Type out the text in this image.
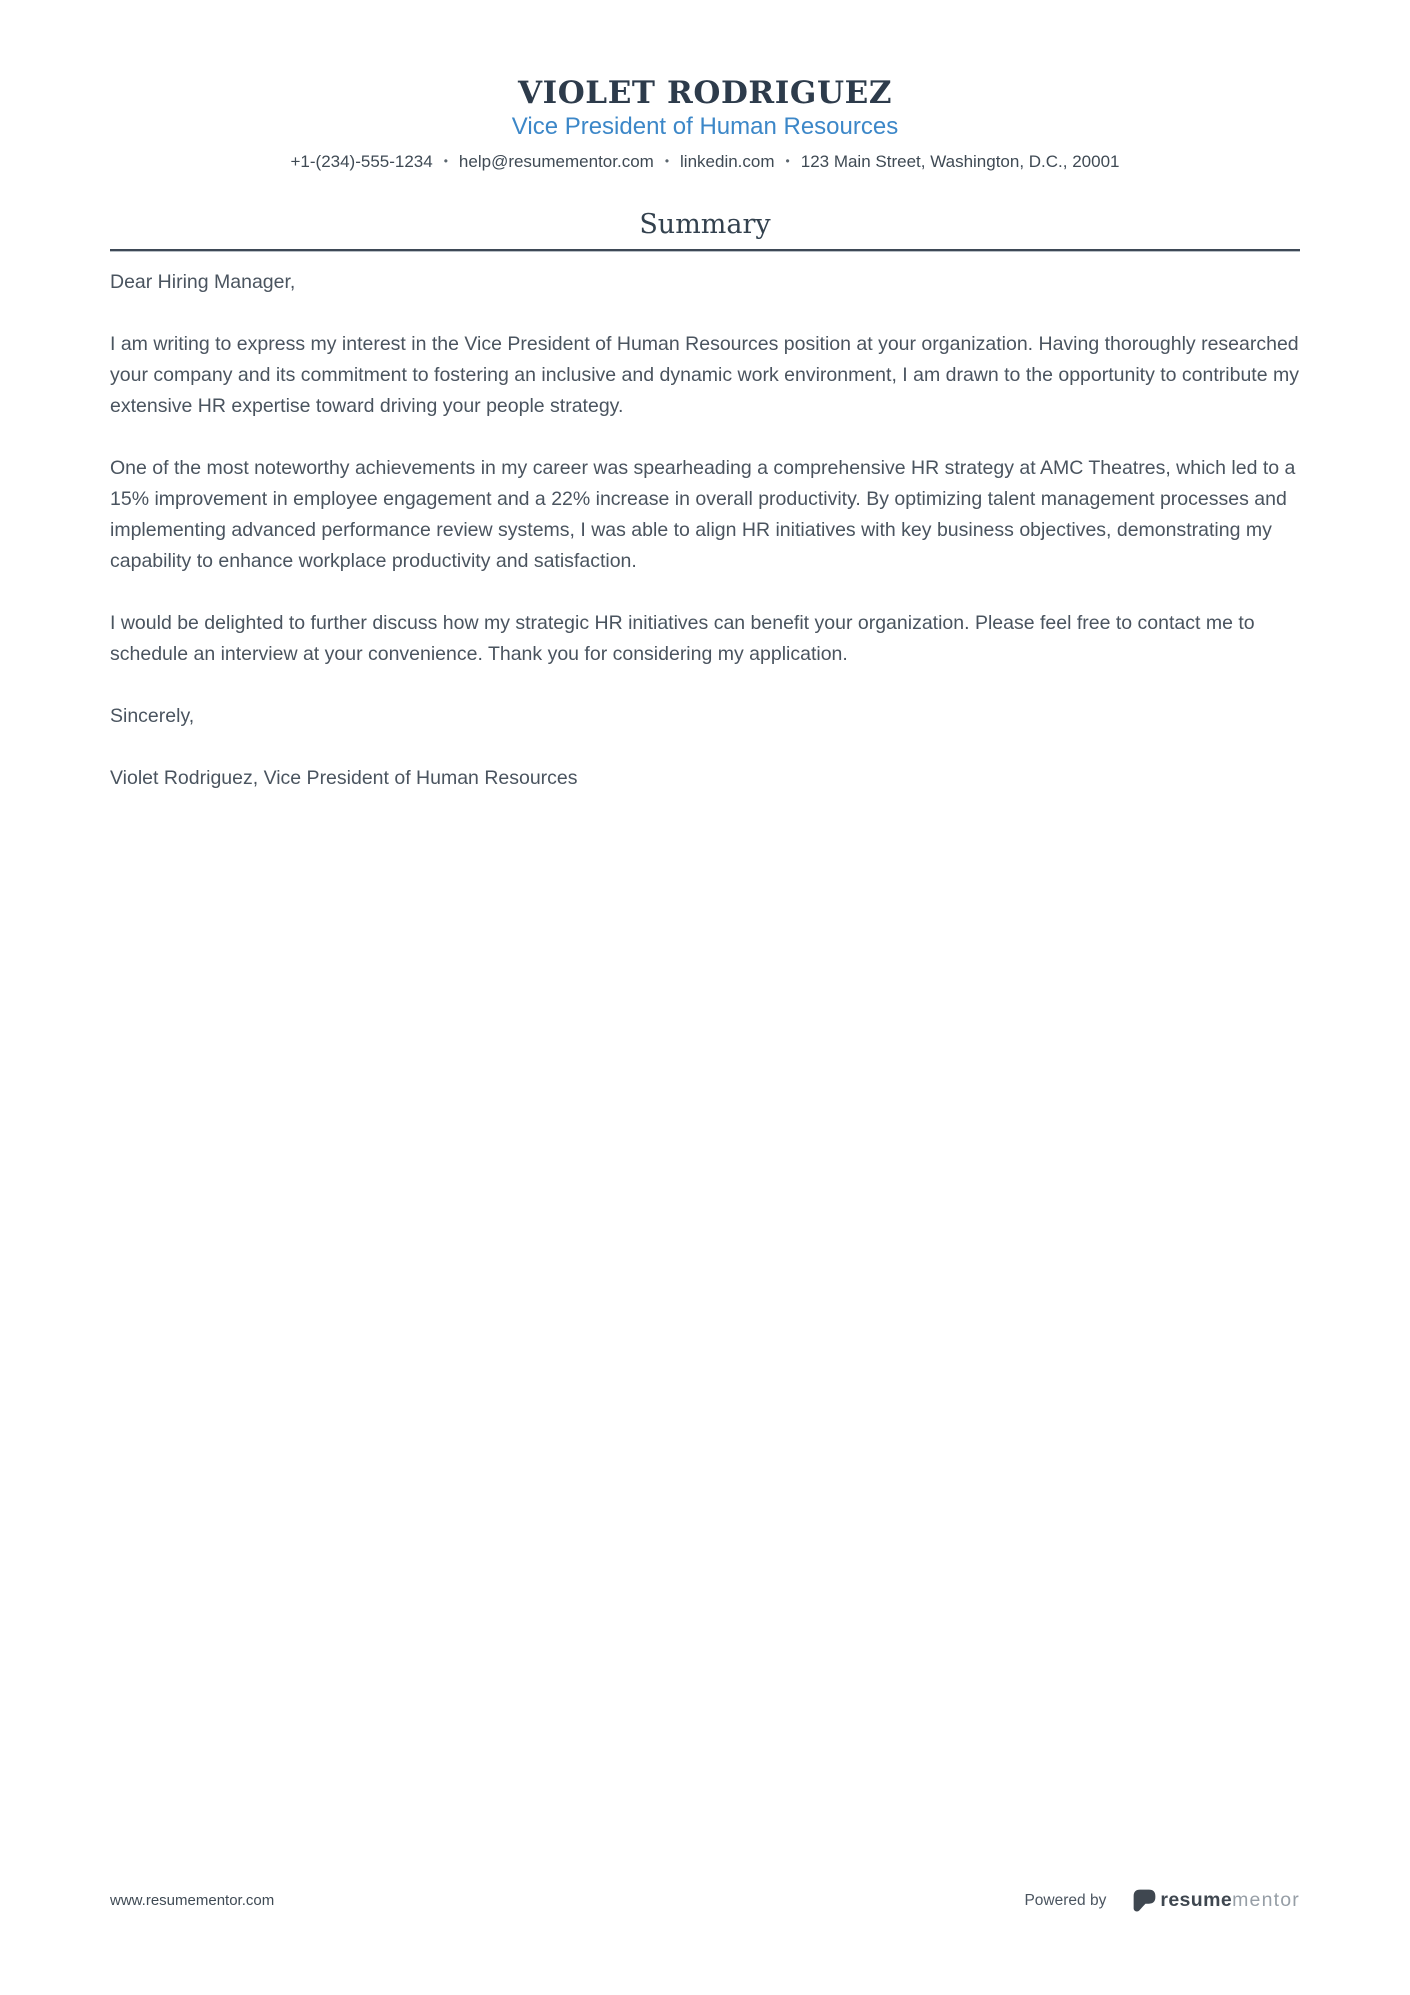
VIOLET RODRIGUEZ
Vice President of Human Resources
+1-(234)-555-1234 • help@resumementor.com • linkedin.com • 123 Main Street, Washington, D.C., 20001
Summary

Dear Hiring Manager,

I am writing to express my interest in the Vice President of Human Resources position at your organization. Having thoroughly researched your company and its commitment to fostering an inclusive and dynamic work environment, I am drawn to the opportunity to contribute my extensive HR expertise toward driving your people strategy.

One of the most noteworthy achievements in my career was spearheading a comprehensive HR strategy at AMC Theatres, which led to a 15% improvement in employee engagement and a 22% increase in overall productivity. By optimizing talent management processes and implementing advanced performance review systems, I was able to align HR initiatives with key business objectives, demonstrating my capability to enhance workplace productivity and satisfaction.

I would be delighted to further discuss how my strategic HR initiatives can benefit your organization. Please feel free to contact me to schedule an interview at your convenience. Thank you for considering my application.

Sincerely,

Violet Rodriguez, Vice President of Human Resources

www.resumementor.com	Powered by	resume mentor
